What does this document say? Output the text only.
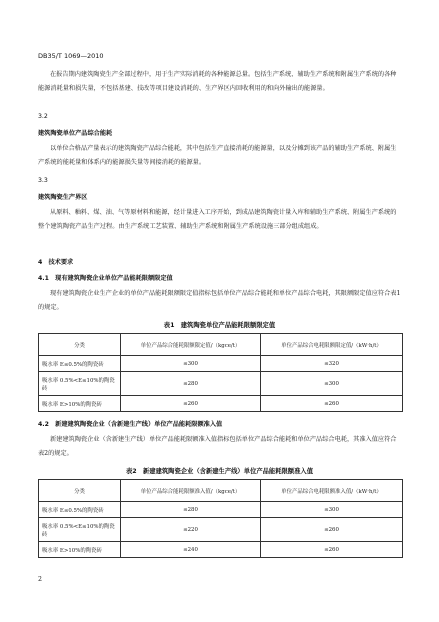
DB35/T 1069—2010

在报告期内建筑陶瓷生产全部过程中，用于生产实际消耗的各种能源总量。包括生产系统、辅助生产系统和附属生产系统的各种能源消耗量和损失量，不包括基建、技改等项目建设消耗的、生产界区内回收利用的和向外输出的能源量。

3.2
建筑陶瓷单位产品综合能耗

以单位合格品产量表示的建筑陶瓷产品综合能耗，其中包括生产直接消耗的能源量，以及分摊到该产品的辅助生产系统、附属生产系统的能耗量和体系内的能源损失量等间接消耗的能源量。

3.3
建筑陶瓷生产界区

从原料、釉料、煤、油、气等原材料和能源，经计量进入工序开始，到成品建筑陶瓷计量入库和辅助生产系统、附属生产系统的整个建筑陶瓷产品生产过程。由生产系统工艺装置、辅助生产系统和附属生产系统设施三部分组成组成。

4　技术要求
4.1　现有建筑陶瓷企业单位产品能耗限额限定值

现有建筑陶瓷企业生产企业的单位产品能耗限额限定值指标包括单位产品综合能耗和单位产品综合电耗，其限额限定值应符合表1的规定。

表1　建筑陶瓷单位产品能耗限额限定值
分类	单位产品综合能耗限额限定值/（kgce/t）	单位产品综合电耗限额限定值/（kW·h/t）
吸水率 E≤0.5%的陶瓷砖	≤300	≤320
吸水率 0.5%<E≤10%的陶瓷砖	≤280	≤300
吸水率 E>10%的陶瓷砖	≤260	≤260
4.2　新建建筑陶瓷企业（含新建生产线）单位产品能耗限额准入值

新建建筑陶瓷企业（含新建生产线）单位产品能耗限额准入值指标包括单位产品综合能耗和单位产品综合电耗，其准入值应符合表2的规定。

表2　新建建筑陶瓷企业（含新建生产线）单位产品能耗限额准入值
分类	单位产品综合能耗限额准入值/（kgce/t）	单位产品综合电耗限额准入值/（kW·h/t）
吸水率 E≤0.5%的陶瓷砖	≤280	≤300
吸水率 0.5%<E≤10%的陶瓷砖	≤220	≤260
吸水率 E>10%的陶瓷砖	≤240	≤260
2
